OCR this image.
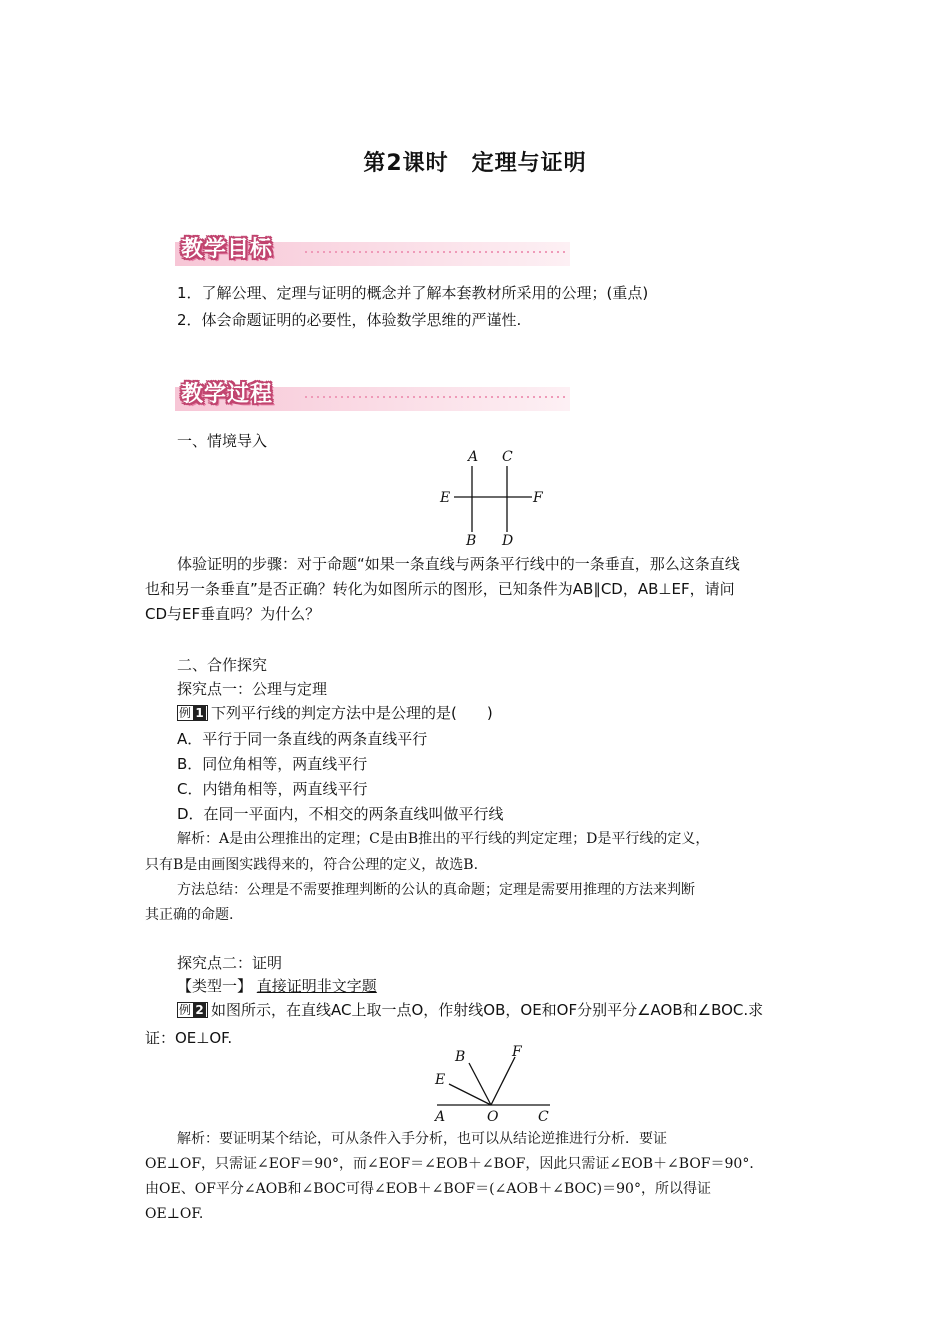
第2课时　定理与证明
教学目标
1．了解公理、定理与证明的概念并了解本套教材所采用的公理；(重点)
2．体会命题证明的必要性，体验数学思维的严谨性.
教学过程
一、情境导入
A C
E	F
B D
体验证明的步骤：对于命题“如果一条直线与两条平行线中的一条垂直，那么这条直线
也和另一条垂直”是否正确？转化为如图所示的图形，已知条件为AB∥CD，AB⊥EF，请问
CD与EF垂直吗？为什么？
二、合作探究
探究点一：公理与定理
例 1 下列平行线的判定方法中是公理的是(　　)
A．平行于同一条直线的两条直线平行
B．同位角相等，两直线平行
C．内错角相等，两直线平行
D．在同一平面内，不相交的两条直线叫做平行线
解析：A是由公理推出的定理；C是由B推出的平行线的判定定理；D是平行线的定义，
只有B是由画图实践得来的，符合公理的定义，故选B.
方法总结：公理是不需要推理判断的公认的真命题；定理是需要用推理的方法来判断
其正确的命题.
探究点二：证明
【类型一】 直接证明非文字题
例 2 如图所示，在直线AC上取一点O，作射线OB，OE和OF分别平分∠AOB和∠BOC.求
证：OE⊥OF.
B	F
E
A	O	C
解析：要证明某个结论，可从条件入手分析，也可以从结论逆推进行分析．要证
OE⊥OF，只需证∠EOF＝90°，而∠EOF＝∠EOB＋∠BOF，因此只需证∠EOB＋∠BOF＝90°．
由OE、OF平分∠AOB和∠BOC可得∠EOB＋∠BOF＝(∠AOB＋∠BOC)＝90°，所以得证
OE⊥OF.
